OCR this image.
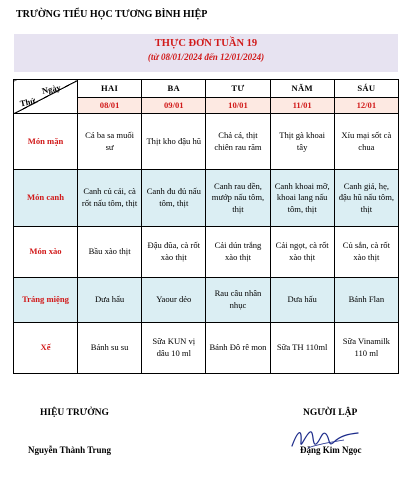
TRƯỜNG TIỂU HỌC TƯƠNG BÌNH HIỆP
THỰC ĐƠN TUẦN 19
(từ 08/01/2024 đến 12/01/2024)
Thứ
Ngày	HAI	BA	TƯ	NĂM	SÁU
	08/01	09/01	10/01	11/01	12/01
Món mặn	Cá ba sa muối sư	Thịt kho đậu hũ	Chả cá, thịt chiên rau răm	Thịt gà khoai tây	Xíu mại sốt cà chua
Món canh	Canh củ cải, cà rốt nấu tôm, thịt	Canh đu đủ nấu tôm, thịt	Canh rau dền, mướp nấu tôm, thịt	Canh khoai mỡ, khoai lang nấu tôm, thịt	Canh giá, hẹ, đậu hũ nấu tôm, thịt
Món xào	Bầu xào thịt	Đậu đũa, cà rốt xào thịt	Cải dún trắng xào thịt	Cải ngọt, cà rốt xào thịt	Củ sắn, cà rốt xào thịt
Tráng miệng	Dưa hấu	Yaour dẻo	Rau câu nhân nhục	Dưa hấu	Bánh Flan
Xế	Bánh su su	Sữa KUN vị dâu 10 ml	Bánh Đô rê mon	Sữa TH 110ml	Sữa Vinamilk 110 ml
HIỆU TRƯỞNG	NGƯỜI LẬP
Nguyễn Thành Trung	Đặng Kim Ngọc
